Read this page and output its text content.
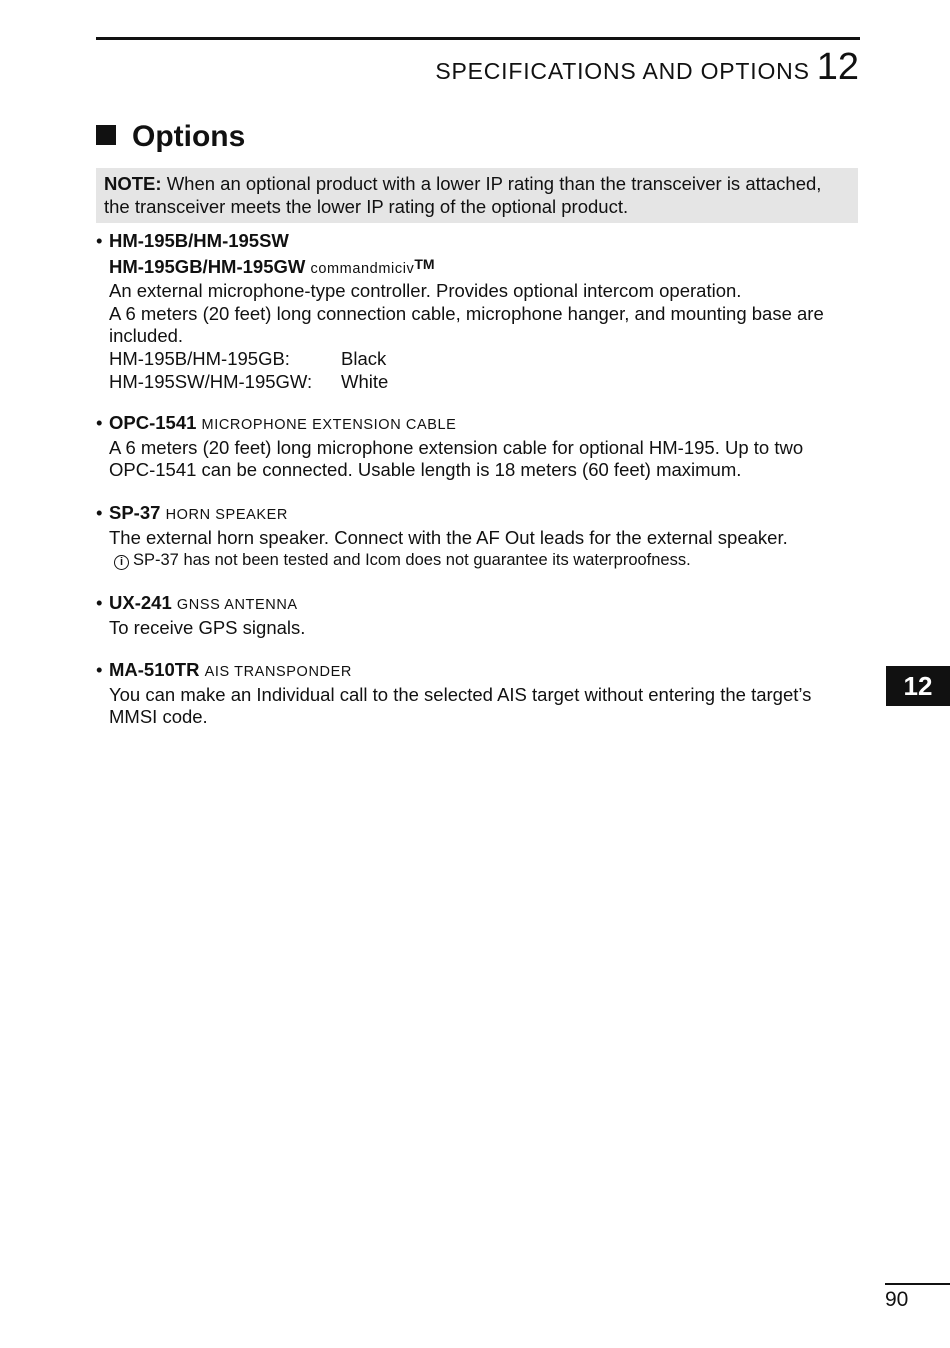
SPECIFICATIONS AND OPTIONS 12
Options
NOTE: When an optional product with a lower IP rating than the transceiver is attached,
the transceiver meets the lower IP rating of the optional product.
• HM-195B/HM-195SW
HM-195GB/HM-195GW commandmiciv™
An external microphone-type controller. Provides optional intercom operation.
A 6 meters (20 feet) long connection cable, microphone hanger, and mounting base are
included.
HM-195B/HM-195GB:	Black
HM-195SW/HM-195GW:	White
• OPC-1541 MICROPHONE EXTENSION CABLE
A 6 meters (20 feet) long microphone extension cable for optional HM-195. Up to two
OPC-1541 can be connected. Usable length is 18 meters (60 feet) maximum.
• SP-37 HORN SPEAKER
The external horn speaker. Connect with the AF Out leads for the external speaker.
i SP-37 has not been tested and Icom does not guarantee its waterproofness.
• UX-241 GNSS ANTENNA
To receive GPS signals.
• MA-510TR AIS TRANSPONDER
You can make an Individual call to the selected AIS target without entering the target’s
MMSI code.
12
90
